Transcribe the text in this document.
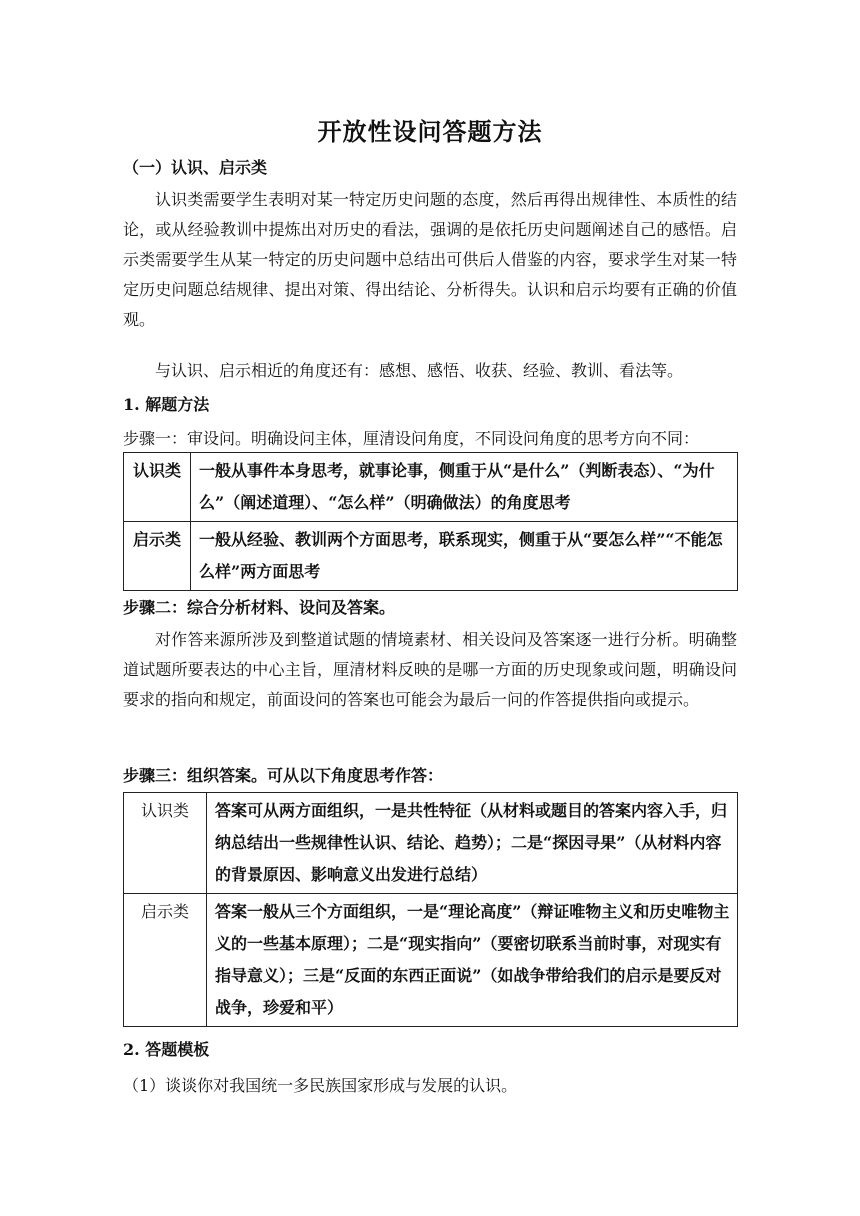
开放性设问答题方法
（一）认识、启示类
认识类需要学生表明对某一特定历史问题的态度，然后再得出规律性、本质性的结论，或从经验教训中提炼出对历史的看法，强调的是依托历史问题阐述自己的感悟。启示类需要学生从某一特定的历史问题中总结出可供后人借鉴的内容，要求学生对某一特定历史问题总结规律、提出对策、得出结论、分析得失。认识和启示均要有正确的价值观。
与认识、启示相近的角度还有：感想、感悟、收获、经验、教训、看法等。
1. 解题方法
步骤一：审设问。明确设问主体，厘清设问角度，不同设问角度的思考方向不同：
认识类	一般从事件本身思考，就事论事，侧重于从“是什么”（判断表态）、“为什么”（阐述道理）、“怎么样”（明确做法）的角度思考

启示类	一般从经验、教训两个方面思考，联系现实，侧重于从“要怎么样”“不能怎么样”两方面思考
步骤二：综合分析材料、设问及答案。
对作答来源所涉及到整道试题的情境素材、相关设问及答案逐一进行分析。明确整道试题所要表达的中心主旨，厘清材料反映的是哪一方面的历史现象或问题，明确设问要求的指向和规定，前面设问的答案也可能会为最后一问的作答提供指向或提示。
步骤三：组织答案。可从以下角度思考作答：
认识类	答案可从两方面组织，一是共性特征（从材料或题目的答案内容入手，归纳总结出一些规律性认识、结论、趋势）；二是“探因寻果”（从材料内容的背景原因、影响意义出发进行总结）

启示类	答案一般从三个方面组织，一是“理论高度”（辩证唯物主义和历史唯物主义的一些基本原理）；二是“现实指向”（要密切联系当前时事，对现实有指导意义）；三是“反面的东西正面说”（如战争带给我们的启示是要反对战争，珍爱和平）
2. 答题模板
（1）谈谈你对我国统一多民族国家形成与发展的认识。
